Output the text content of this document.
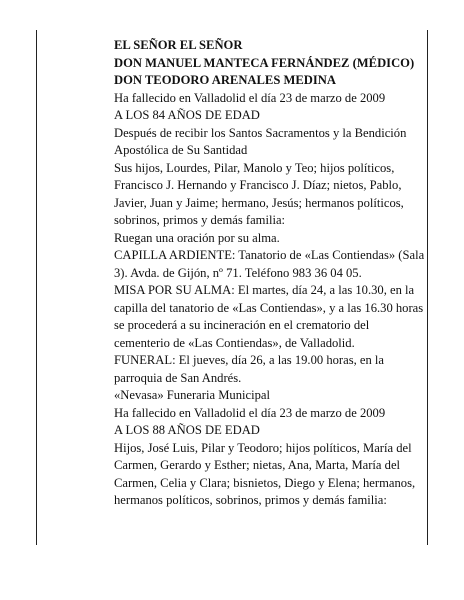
EL SEÑOR EL SEÑOR

DON MANUEL MANTECA FERNÁNDEZ (MÉDICO) DON TEODORO ARENALES MEDINA

Ha fallecido en Valladolid el día 23 de marzo de 2009

A LOS 84 AÑOS DE EDAD

Después de recibir los Santos Sacramentos y la Bendición Apostólica de Su Santidad

Sus hijos, Lourdes, Pilar, Manolo y Teo; hijos políticos, Francisco J. Hernando y Francisco J. Díaz; nietos, Pablo, Javier, Juan y Jaime; hermano, Jesús; hermanos políticos, sobrinos, primos y demás familia:

Ruegan una oración por su alma.

CAPILLA ARDIENTE: Tanatorio de «Las Contiendas» (Sala 3). Avda. de Gijón, nº 71. Teléfono 983 36 04 05.

MISA POR SU ALMA: El martes, día 24, a las 10.30, en la capilla del tanatorio de «Las Contiendas», y a las 16.30 horas se procederá a su incineración en el crematorio del cementerio de «Las Contiendas», de Valladolid.

FUNERAL: El jueves, día 26, a las 19.00 horas, en la parroquia de San Andrés.

«Nevasa» Funeraria Municipal

Ha fallecido en Valladolid el día 23 de marzo de 2009

A LOS 88 AÑOS DE EDAD

Hijos, José Luis, Pilar y Teodoro; hijos políticos, María del Carmen, Gerardo y Esther; nietas, Ana, Marta, María del Carmen, Celia y Clara; bisnietos, Diego y Elena; hermanos, hermanos políticos, sobrinos, primos y demás familia:
